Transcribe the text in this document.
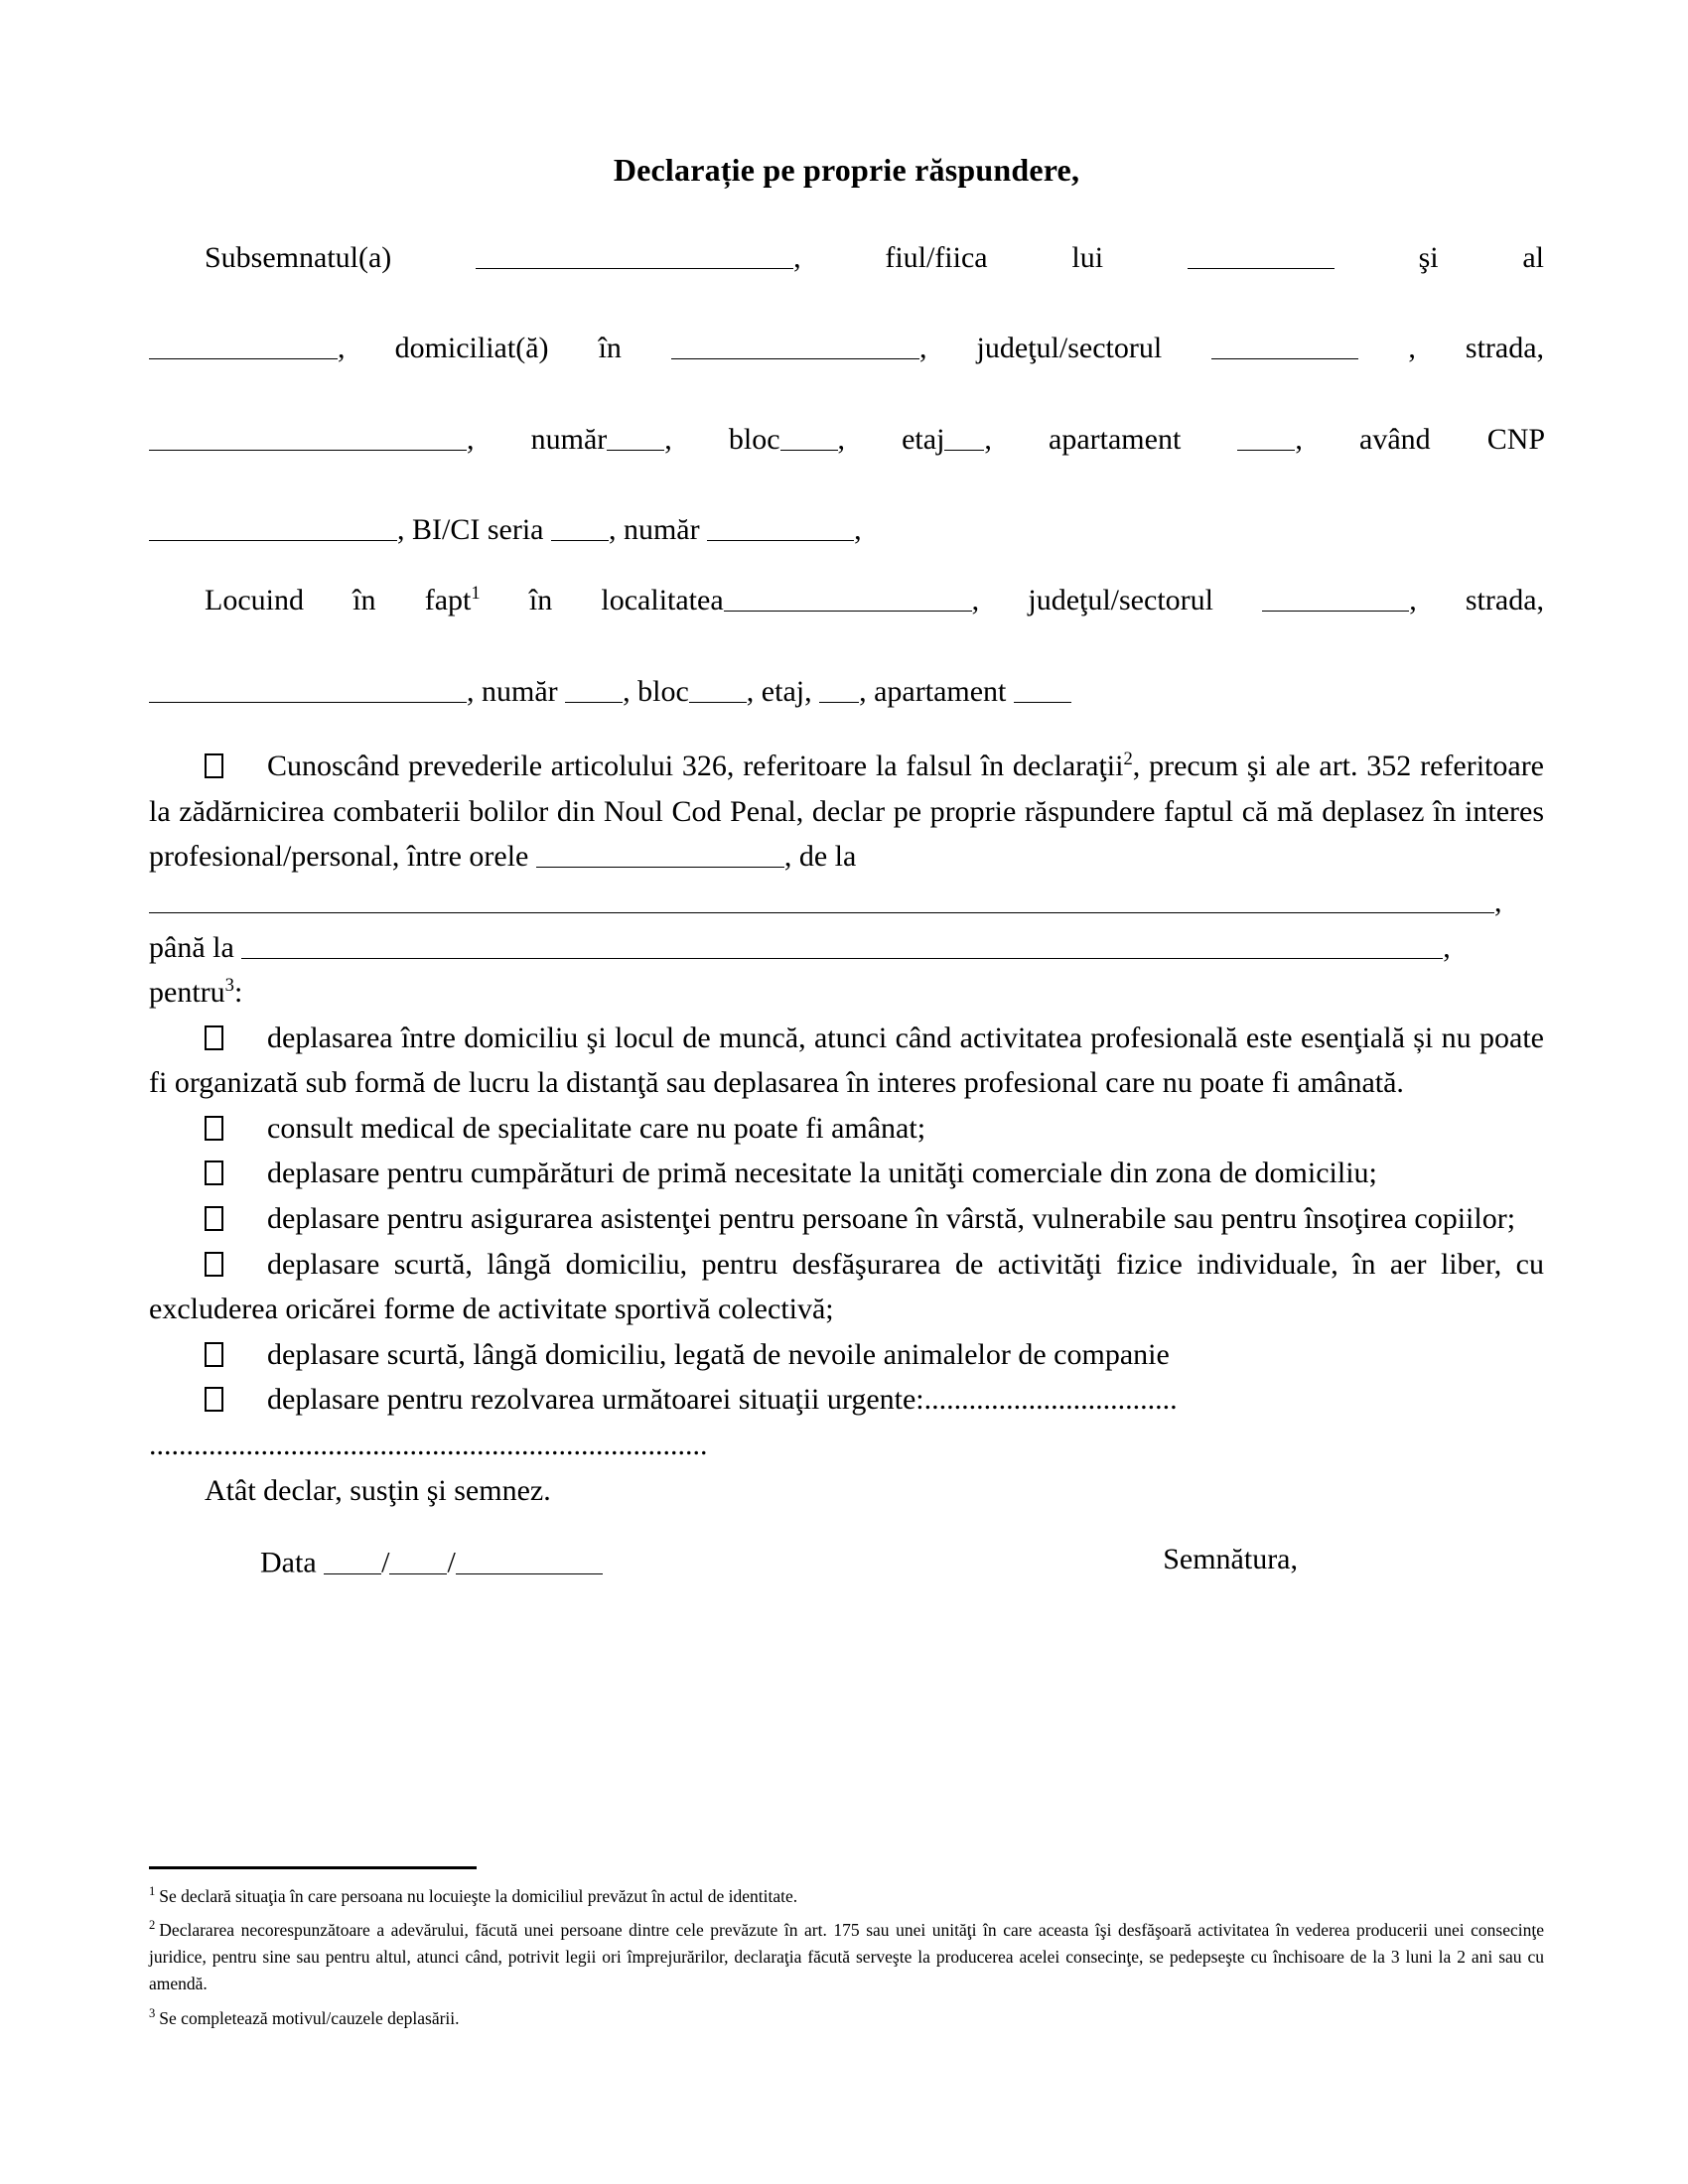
Declarație pe proprie răspundere,
Subsemnatul(a)	, fiul/fiica lui	şi al
, domiciliat(ă) în	, judeţul/sectorul	, strada,
, număr , bloc , etaj , apartament	, având CNP
, BI/CI seria , număr	,
Locuind în fapt$^1$ în localitatea	, judeţul/sectorul	, strada,
, număr , bloc , etaj, , apartament
Cunoscând prevederile articolului 326, referitoare la falsul în declaraţii$^2$, precum şi ale art. 352 referitoare la zădărnicirea combaterii bolilor din Noul Cod Penal, declar pe proprie răspundere faptul că mă deplasez în interes profesional/personal, între orele	, de la
,
până la	,
pentru$^3$:
deplasarea între domiciliu şi locul de muncă, atunci când activitatea profesională este esenţială și nu poate fi organizată sub formă de lucru la distanţă sau deplasarea în interes profesional care nu poate fi amânată.
consult medical de specialitate care nu poate fi amânat;
deplasare pentru cumpărături de primă necesitate la unităţi comerciale din zona de domiciliu;
deplasare pentru asigurarea asistenţei pentru persoane în vârstă, vulnerabile sau pentru însoţirea copiilor;
deplasare scurtă, lângă domiciliu, pentru desfăşurarea de activităţi fizice individuale, în aer liber, cu excluderea oricărei forme de activitate sportivă colectivă;
deplasare scurtă, lângă domiciliu, legată de nevoile animalelor de companie
deplasare pentru rezolvarea următoarei situaţii urgente:..................................
...........................................................................
Atât declar, susţin şi semnez.
Data / /	Semnătura,
$^1$ Se declară situaţia în care persoana nu locuieşte la domiciliul prevăzut în actul de identitate.
$^2$ Declararea necorespunzătoare a adevărului, făcută unei persoane dintre cele prevăzute în art. 175 sau unei unităţi în care aceasta îşi desfăşoară activitatea în vederea producerii unei consecinţe juridice, pentru sine sau pentru altul, atunci când, potrivit legii ori împrejurărilor, declaraţia făcută serveşte la producerea acelei consecinţe, se pedepseşte cu închisoare de la 3 luni la 2 ani sau cu amendă.
$^3$ Se completează motivul/cauzele deplasării.
